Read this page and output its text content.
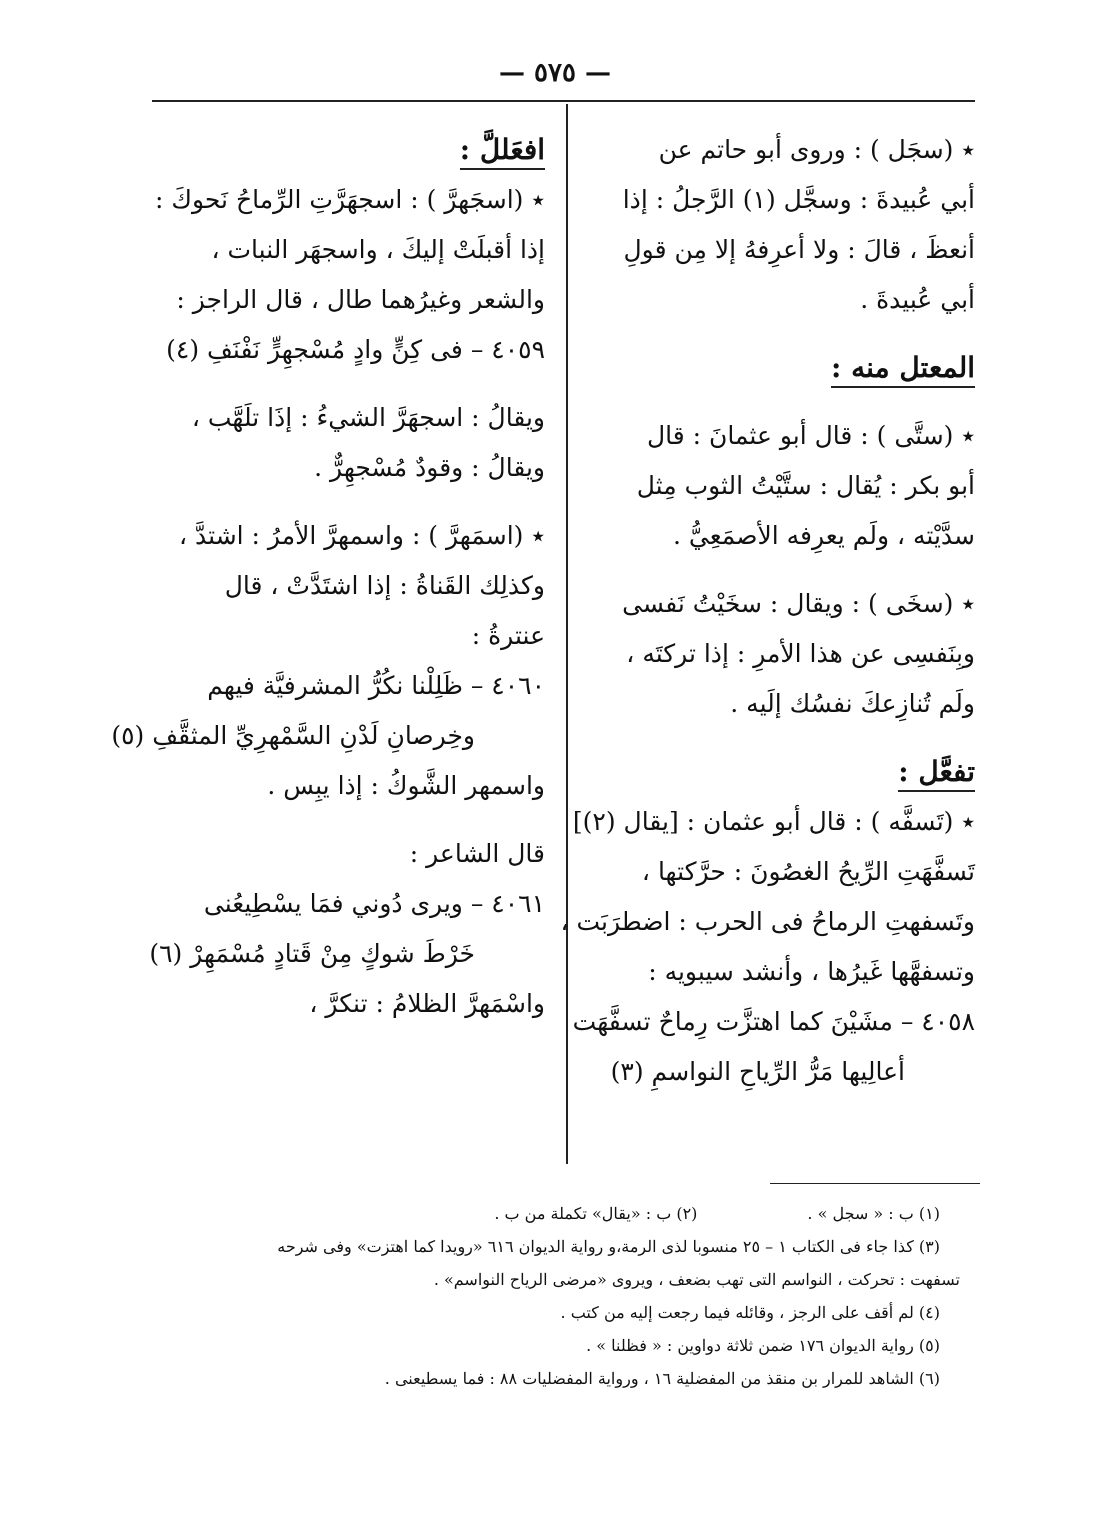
— ٥٧٥ —
٭ (سجَل ) : وروى أبو حاتم عن
أبي عُبيدةَ : وسجَّل (١) الرَّجلُ : إذا
أنعظَ ، قالَ : ولا أعرِفهُ إلا مِن قولِ
أبي عُبيدةَ .
المعتل منه :
٭ (ستَّى ) : قال أبو عثمانَ : قال
أبو بكر : يُقال : ستَّيْتُ الثوب مِثل
سدَّيْته ، ولَم يعرِفه الأصمَعِيُّ .
٭ (سخَى ) : ويقال : سخَيْتُ نَفسى
وبِنَفسِى عن هذا الأمرِ : إذا تركتَه ،
ولَم تُنازِعكَ نفسُك إلَيه .
تفعَّل :
٭ (تَسفَّه ) : قال أبو عثمان : [يقال (٢)]
تَسفَّهَتِ الرِّيحُ الغصُونَ : حرَّكتها ،
وتَسفهتِ الرماحُ فى الحرب : اضطرَبَت ،
وتسفهَّها غَيرُها ، وأنشد سيبويه :
٤٠٥٨ – مشَيْنَ كما اهتزَّت رِماحٌ تسفَّهَت
أعالِيها مَرُّ الرِّياحِ النواسمِ (٣)
افعَللَّ :
٭ (اسجَهرَّ ) : اسجهَرَّتِ الرِّماحُ نَحوكَ :
إذا أقبلَتْ إليكَ ، واسجهَر النبات ،
والشعر وغيرُهما طال ، قال الراجز :
٤٠٥٩ – فى كِنٍّ وادٍ مُسْجهِرٍّ نَفْنَفِ (٤)
ويقالُ : اسجهَرَّ الشيءُ : إذَا تلَهَّب ،
ويقالُ : وقودٌ مُسْجهِرٌّ .
٭ (اسمَهرَّ ) : واسمهرَّ الأمرُ : اشتدَّ ،
وكذلِك القَناةُ : إذا اشتَدَّتْ ، قال
عنترةُ :
٤٠٦٠ – ظَلِلْنا نكُرُّ المشرفيَّة فيهم
وخِرصانِ لَدْنِ السَّمْهرِيِّ المثقَّفِ (٥)
واسمهر الشَّوكُ : إذا يبِس .
قال الشاعر :
٤٠٦١ – ويرى دُوني فمَا يسْطِيعُنى
خَرْطَ شوكٍ مِنْ قَتادٍ مُسْمَهِرْ (٦)
واسْمَهرَّ الظلامُ : تنكرَّ ،
(١) ب : « سجل » .
(٢) ب : «يقال» تكملة من ب .
(٣) كذا جاء فى الكتاب ١ – ٢٥ منسوبا لذى الرمة،و رواية الديوان ٦١٦ «رويدا كما اهتزت» وفى شرحه
تسفهت : تحركت ، النواسم التى تهب بضعف ، ويروى «مرضى الرياح النواسم» .
(٤) لم أقف على الرجز ، وقائله فيما رجعت إليه من كتب .
(٥) رواية الديوان ١٧٦ ضمن ثلاثة دواوين : « فظلنا » .
(٦) الشاهد للمرار بن منقذ من المفضلية ١٦ ، ورواية المفضليات ٨٨ : فما يسطيعنى .
